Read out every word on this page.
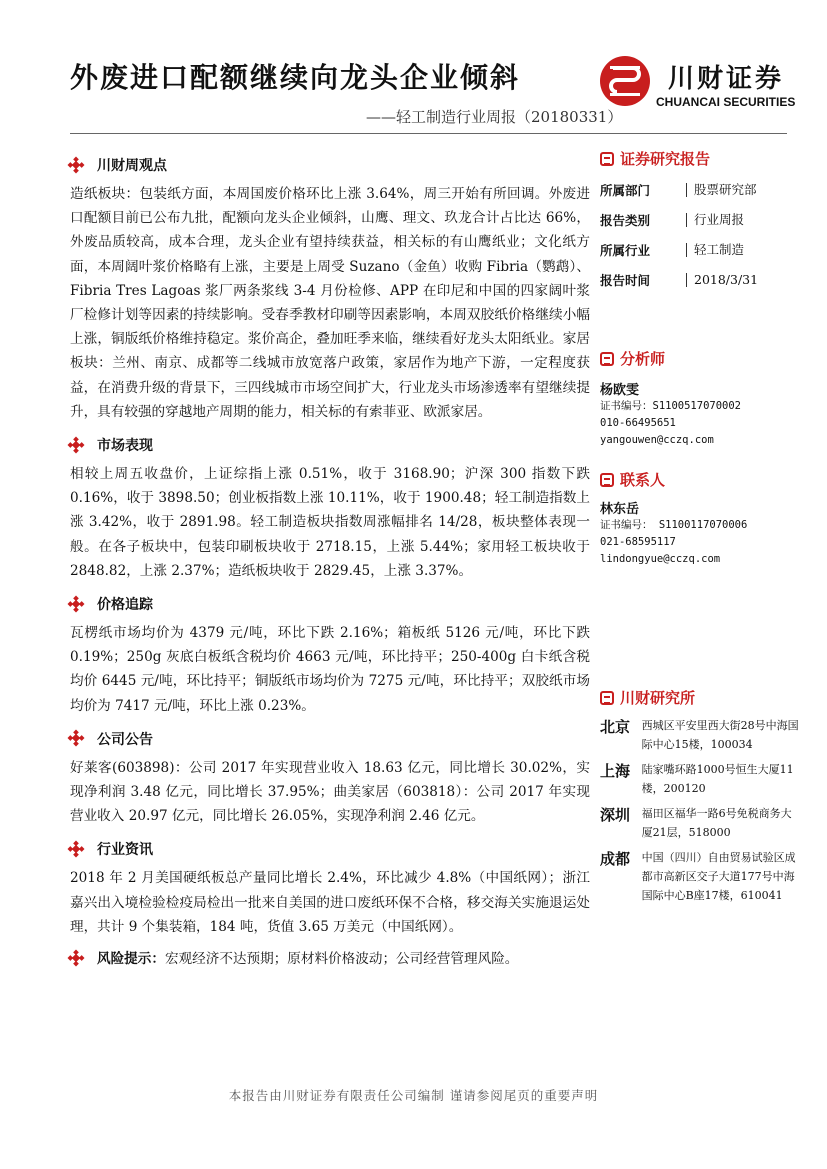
外废进口配额继续向龙头企业倾斜
——轻工制造行业周报（20180331）
川财证券
CHUANCAI SECURITIES
川财周观点
造纸板块：包装纸方面，本周国废价格环比上涨 3.64%，周三开始有所回调。外废进口配额目前已公布九批，配额向龙头企业倾斜，山鹰、理文、玖龙合计占比达 66%，外废品质较高，成本合理，龙头企业有望持续获益，相关标的有山鹰纸业；文化纸方面，本周阔叶浆价格略有上涨，主要是上周受 Suzano（金鱼）收购 Fibria（鹦鹉）、Fibria Tres Lagoas 浆厂两条浆线 3-4 月份检修、APP 在印尼和中国的四家阔叶浆厂检修计划等因素的持续影响。受春季教材印刷等因素影响，本周双胶纸价格继续小幅上涨，铜版纸价格维持稳定。浆价高企，叠加旺季来临，继续看好龙头太阳纸业。家居板块：兰州、南京、成都等二线城市放宽落户政策，家居作为地产下游，一定程度获益，在消费升级的背景下，三四线城市市场空间扩大，行业龙头市场渗透率有望继续提升，具有较强的穿越地产周期的能力，相关标的有索菲亚、欧派家居。
市场表现
相较上周五收盘价，上证综指上涨 0.51%，收于 3168.90；沪深 300 指数下跌 0.16%，收于 3898.50；创业板指数上涨 10.11%，收于 1900.48；轻工制造指数上涨 3.42%，收于 2891.98。轻工制造板块指数周涨幅排名 14/28，板块整体表现一般。在各子板块中，包装印刷板块收于 2718.15，上涨 5.44%；家用轻工板块收于 2848.82，上涨 2.37%；造纸板块收于 2829.45，上涨 3.37%。
价格追踪
瓦楞纸市场均价为 4379 元/吨，环比下跌 2.16%；箱板纸 5126 元/吨，环比下跌 0.19%；250g 灰底白板纸含税均价 4663 元/吨，环比持平；250-400g 白卡纸含税均价 6445 元/吨，环比持平；铜版纸市场均价为 7275 元/吨，环比持平；双胶纸市场均价为 7417 元/吨，环比上涨 0.23%。
公司公告
好莱客(603898)：公司 2017 年实现营业收入 18.63 亿元，同比增长 30.02%，实现净利润 3.48 亿元，同比增长 37.95%；曲美家居（603818）：公司 2017 年实现营业收入 20.97 亿元，同比增长 26.05%，实现净利润 2.46 亿元。
行业资讯
2018 年 2 月美国硬纸板总产量同比增长 2.4%，环比减少 4.8%（中国纸网）；浙江嘉兴出入境检验检疫局检出一批来自美国的进口废纸环保不合格，移交海关实施退运处理，共计 9 个集装箱，184 吨，货值 3.65 万美元（中国纸网）。
风险提示： 宏观经济不达预期；原材料价格波动；公司经营管理风险。
证券研究报告
所属部门	股票研究部
报告类别	行业周报
所属行业	轻工制造
报告时间	2018/3/31
分析师
杨欧雯
证书编号：S1100517070002
010-66495651
yangouwen@cczq.com
联系人
林东岳
证书编号： S1100117070006
021-68595117
lindongyue@cczq.com
川财研究所
北京	西城区平安里西大街28号中海国际中心15楼，100034
上海	陆家嘴环路1000号恒生大厦11楼，200120
深圳	福田区福华一路6号免税商务大厦21层，518000
成都	中国（四川）自由贸易试验区成都市高新区交子大道177号中海国际中心B座17楼，610041
本报告由川财证券有限责任公司编制 谨请参阅尾页的重要声明
